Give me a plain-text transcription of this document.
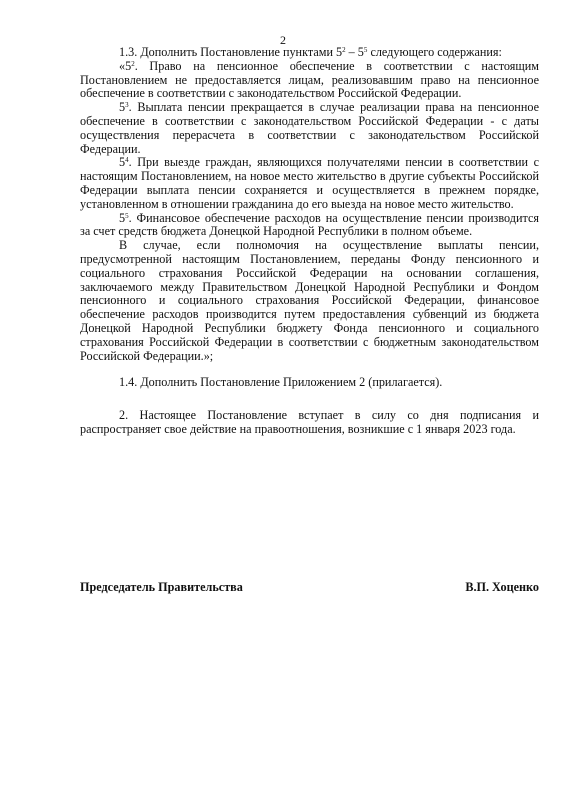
2

1.3. Дополнить Постановление пунктами $5^2 - 5^5$ следующего содержания:

«$5^2$. Право на пенсионное обеспечение в соответствии с настоящим Постановлением не предоставляется лицам, реализовавшим право на пенсионное обеспечение в соответствии с законодательством Российской Федерации.

$5^3$. Выплата пенсии прекращается в случае реализации права на пенсионное обеспечение в соответствии с законодательством Российской Федерации - с даты осуществления перерасчета в соответствии с законодательством Российской Федерации.

$5^4$. При выезде граждан, являющихся получателями пенсии в соответствии с настоящим Постановлением, на новое место жительство в другие субъекты Российской Федерации выплата пенсии сохраняется и осуществляется в прежнем порядке, установленном в отношении гражданина до его выезда на новое место жительство.

$5^5$. Финансовое обеспечение расходов на осуществление пенсии производится за счет средств бюджета Донецкой Народной Республики в полном объеме.

В случае, если полномочия на осуществление выплаты пенсии, предусмотренной настоящим Постановлением, переданы Фонду пенсионного и социального страхования Российской Федерации на основании соглашения, заключаемого между Правительством Донецкой Народной Республики и Фондом пенсионного и социального страхования Российской Федерации, финансовое обеспечение расходов производится путем предоставления субвенций из бюджета Донецкой Народной Республики бюджету Фонда пенсионного и социального страхования Российской Федерации в соответствии с бюджетным законодательством Российской Федерации.»;

1.4. Дополнить Постановление Приложением 2 (прилагается).

2. Настоящее Постановление вступает в силу со дня подписания и распространяет свое действие на правоотношения, возникшие с 1 января 2023 года.

Председатель Правительства	В.П. Хоценко
